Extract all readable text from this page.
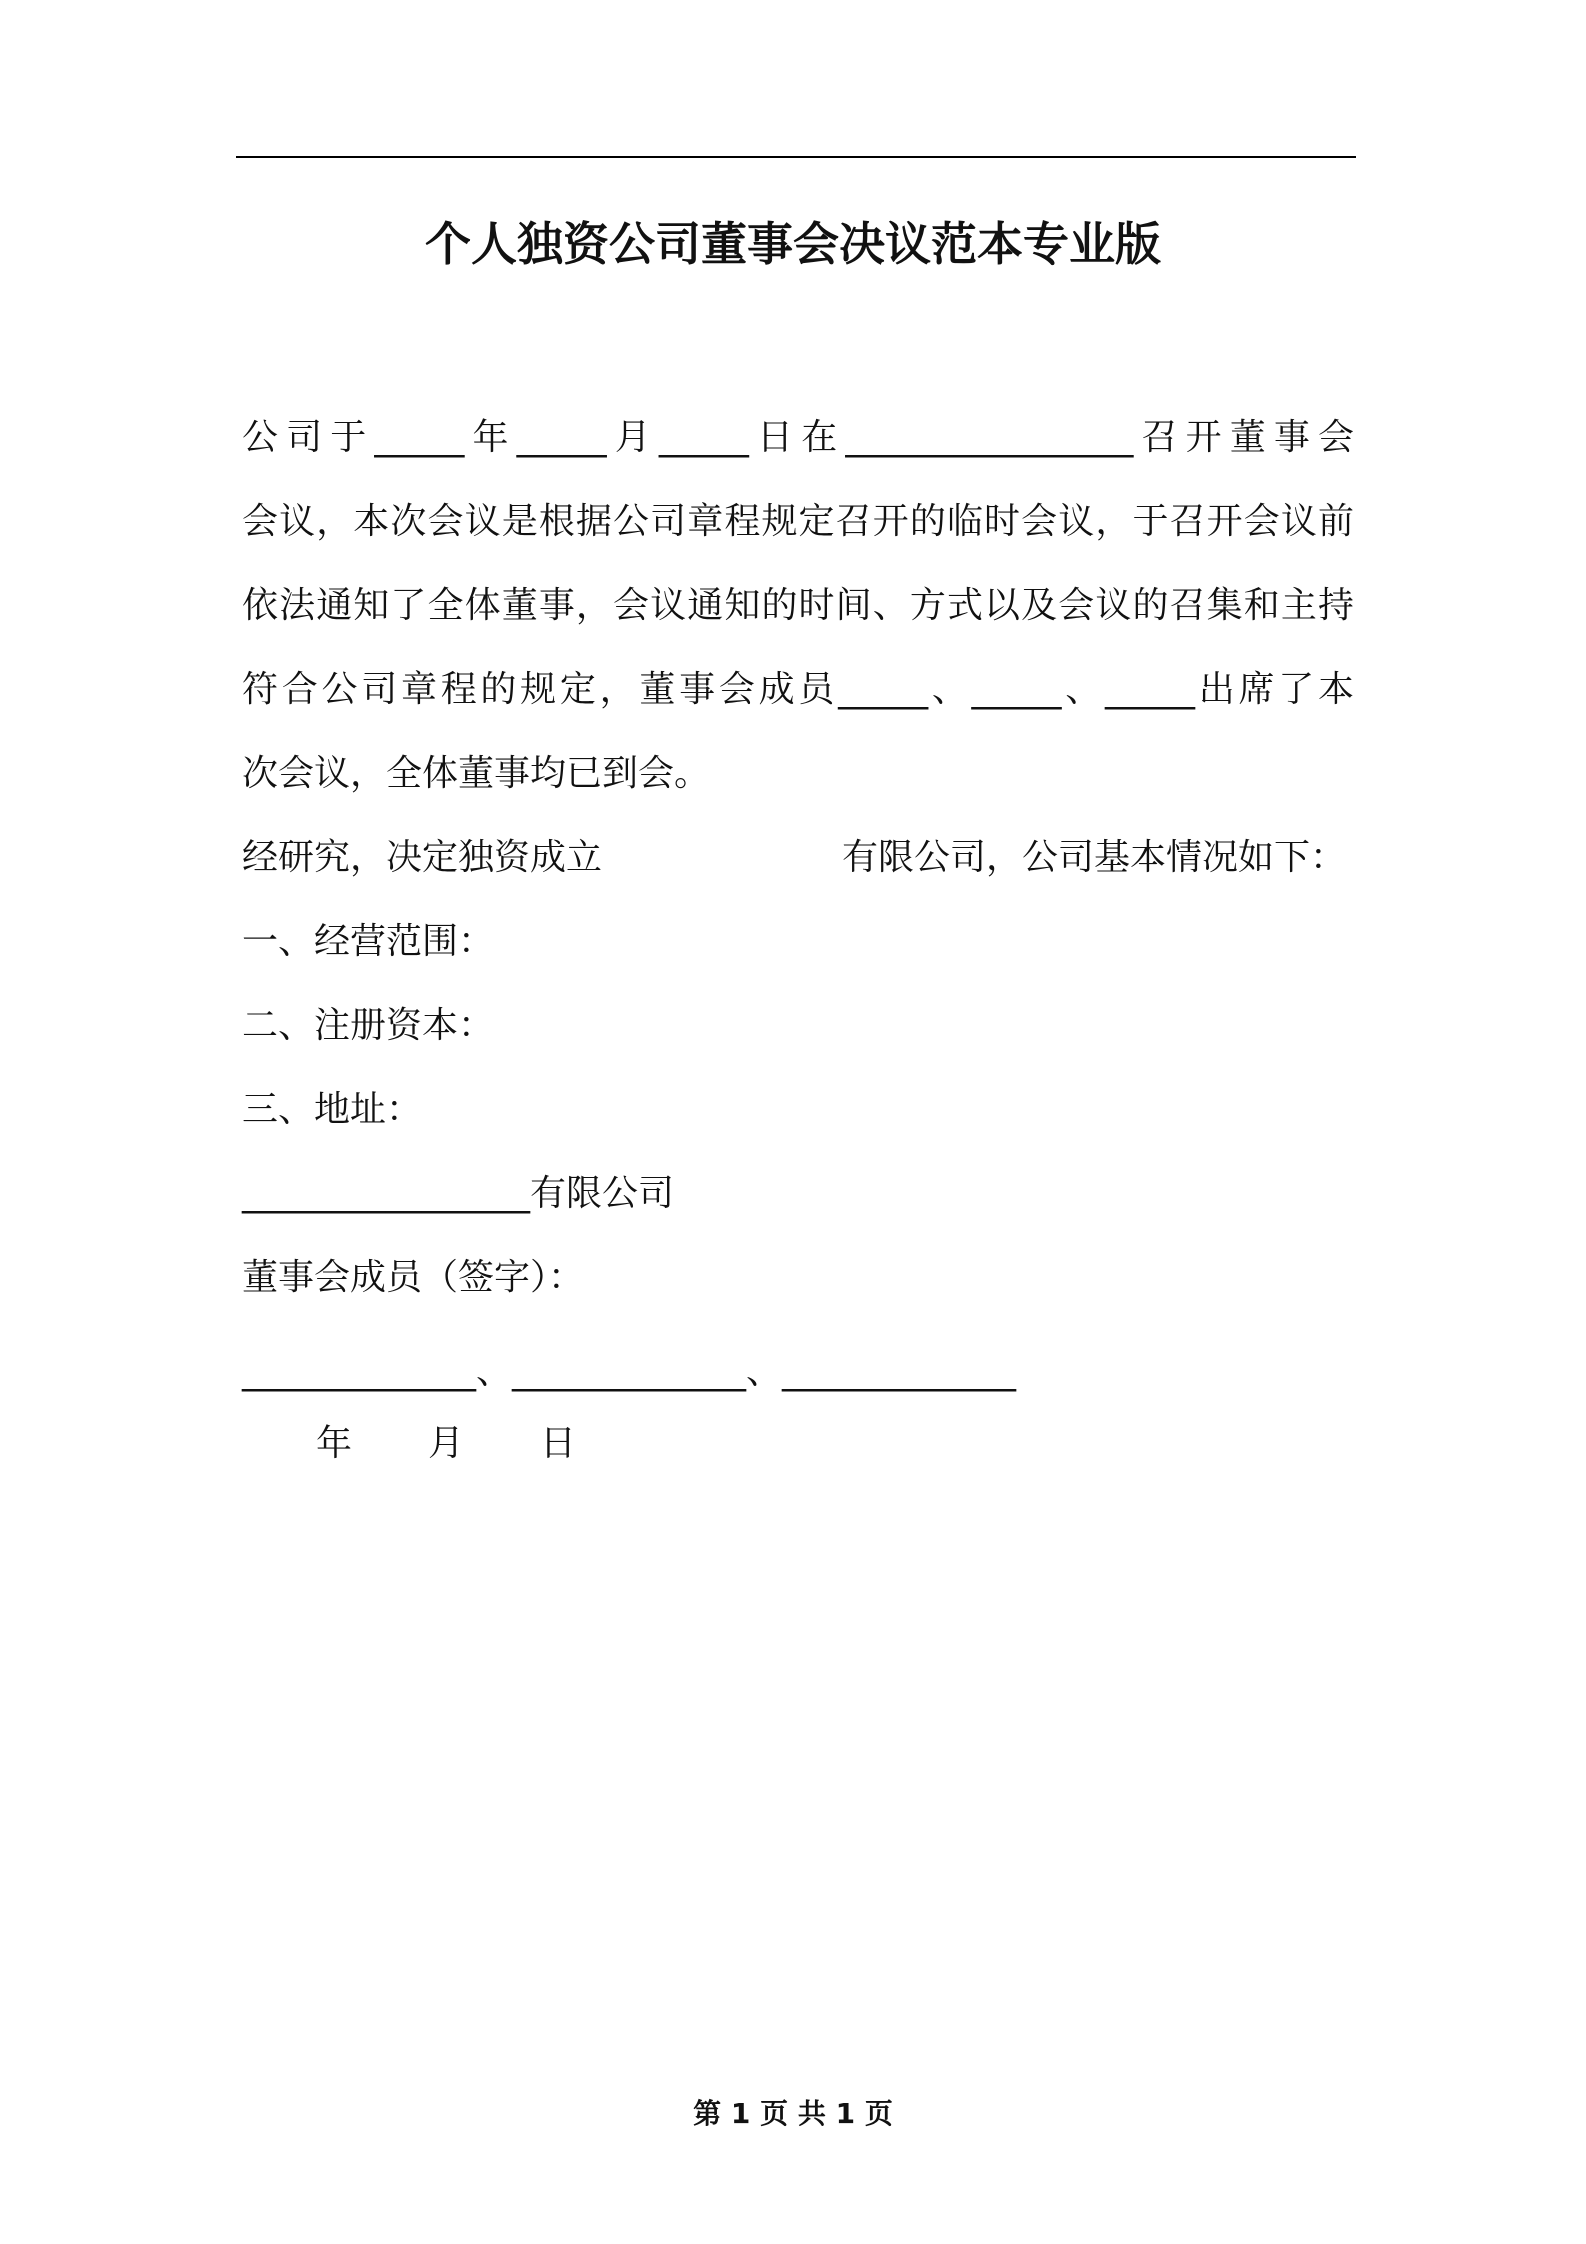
个人独资公司董事会决议范本专业版
公司于_____年_____月_____日在________________召开董事会
会议，本次会议是根据公司章程规定召开的临时会议，于召开会议前
依法通知了全体董事，会议通知的时间、方式以及会议的召集和主持
符合公司章程的规定，董事会成员_____、_____、_____出席了本
次会议，全体董事均已到会。
经研究，决定独资成立	有限公司，公司基本情况如下：
一、经营范围：
二、注册资本：
三、地址：
________________有限公司
董事会成员（签字）：
_____________、_____________、_____________
年 月 日
第 1 页 共 1 页
